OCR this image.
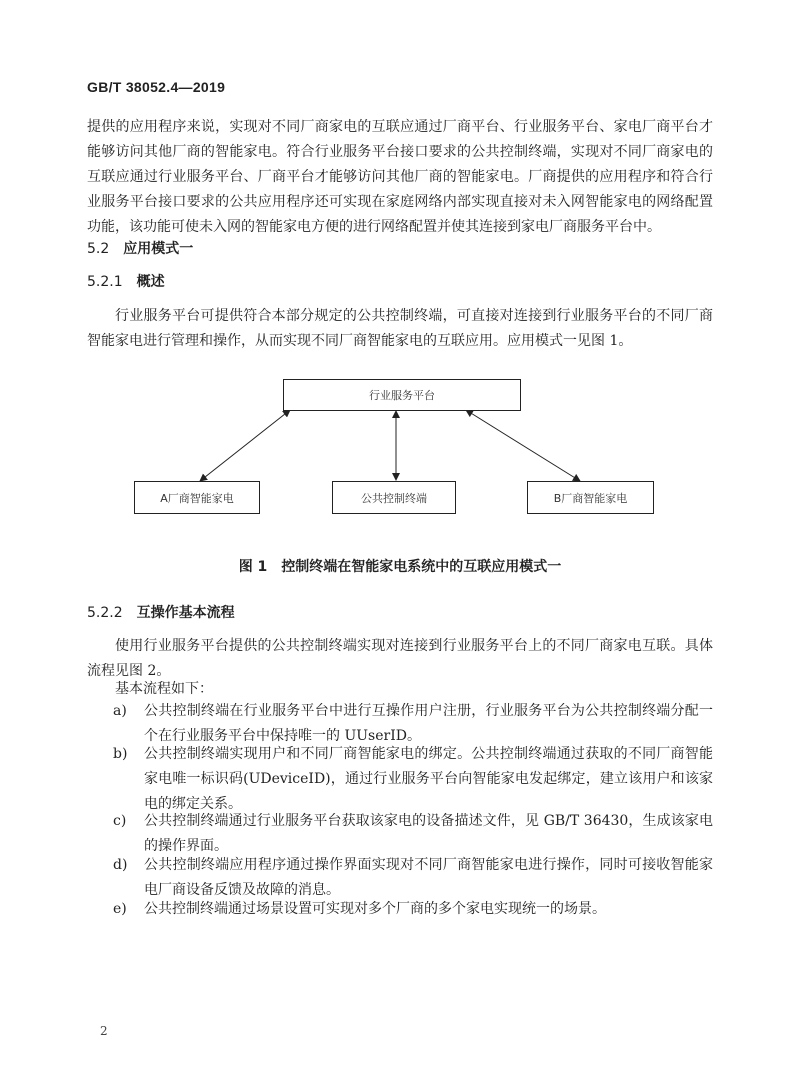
GB/T 38052.4—2019

提供的应用程序来说，实现对不同厂商家电的互联应通过厂商平台、行业服务平台、家电厂商平台才能够访问其他厂商的智能家电。符合行业服务平台接口要求的公共控制终端，实现对不同厂商家电的互联应通过行业服务平台、厂商平台才能够访问其他厂商的智能家电。厂商提供的应用程序和符合行业服务平台接口要求的公共应用程序还可实现在家庭网络内部实现直接对未入网智能家电的网络配置功能，该功能可使未入网的智能家电方便的进行网络配置并使其连接到家电厂商服务平台中。

5.2 应用模式一
5.2.1 概述

行业服务平台可提供符合本部分规定的公共控制终端，可直接对连接到行业服务平台的不同厂商智能家电进行管理和操作，从而实现不同厂商智能家电的互联应用。应用模式一见图 1。

行业服务平台
A厂商智能家电	公共控制终端	B厂商智能家电
图 1 控制终端在智能家电系统中的互联应用模式一
5.2.2 互操作基本流程

使用行业服务平台提供的公共控制终端实现对连接到行业服务平台上的不同厂商家电互联。具体流程见图 2。

基本流程如下：

a)	公共控制终端在行业服务平台中进行互操作用户注册，行业服务平台为公共控制终端分配一个在行业服务平台中保持唯一的 UUserID。
b)	公共控制终端实现用户和不同厂商智能家电的绑定。公共控制终端通过获取的不同厂商智能家电唯一标识码(UDeviceID)，通过行业服务平台向智能家电发起绑定，建立该用户和该家电的绑定关系。
c)	公共控制终端通过行业服务平台获取该家电的设备描述文件，见 GB/T 36430，生成该家电的操作界面。
d)	公共控制终端应用程序通过操作界面实现对不同厂商智能家电进行操作，同时可接收智能家电厂商设备反馈及故障的消息。
e)	公共控制终端通过场景设置可实现对多个厂商的多个家电实现统一的场景。
2
